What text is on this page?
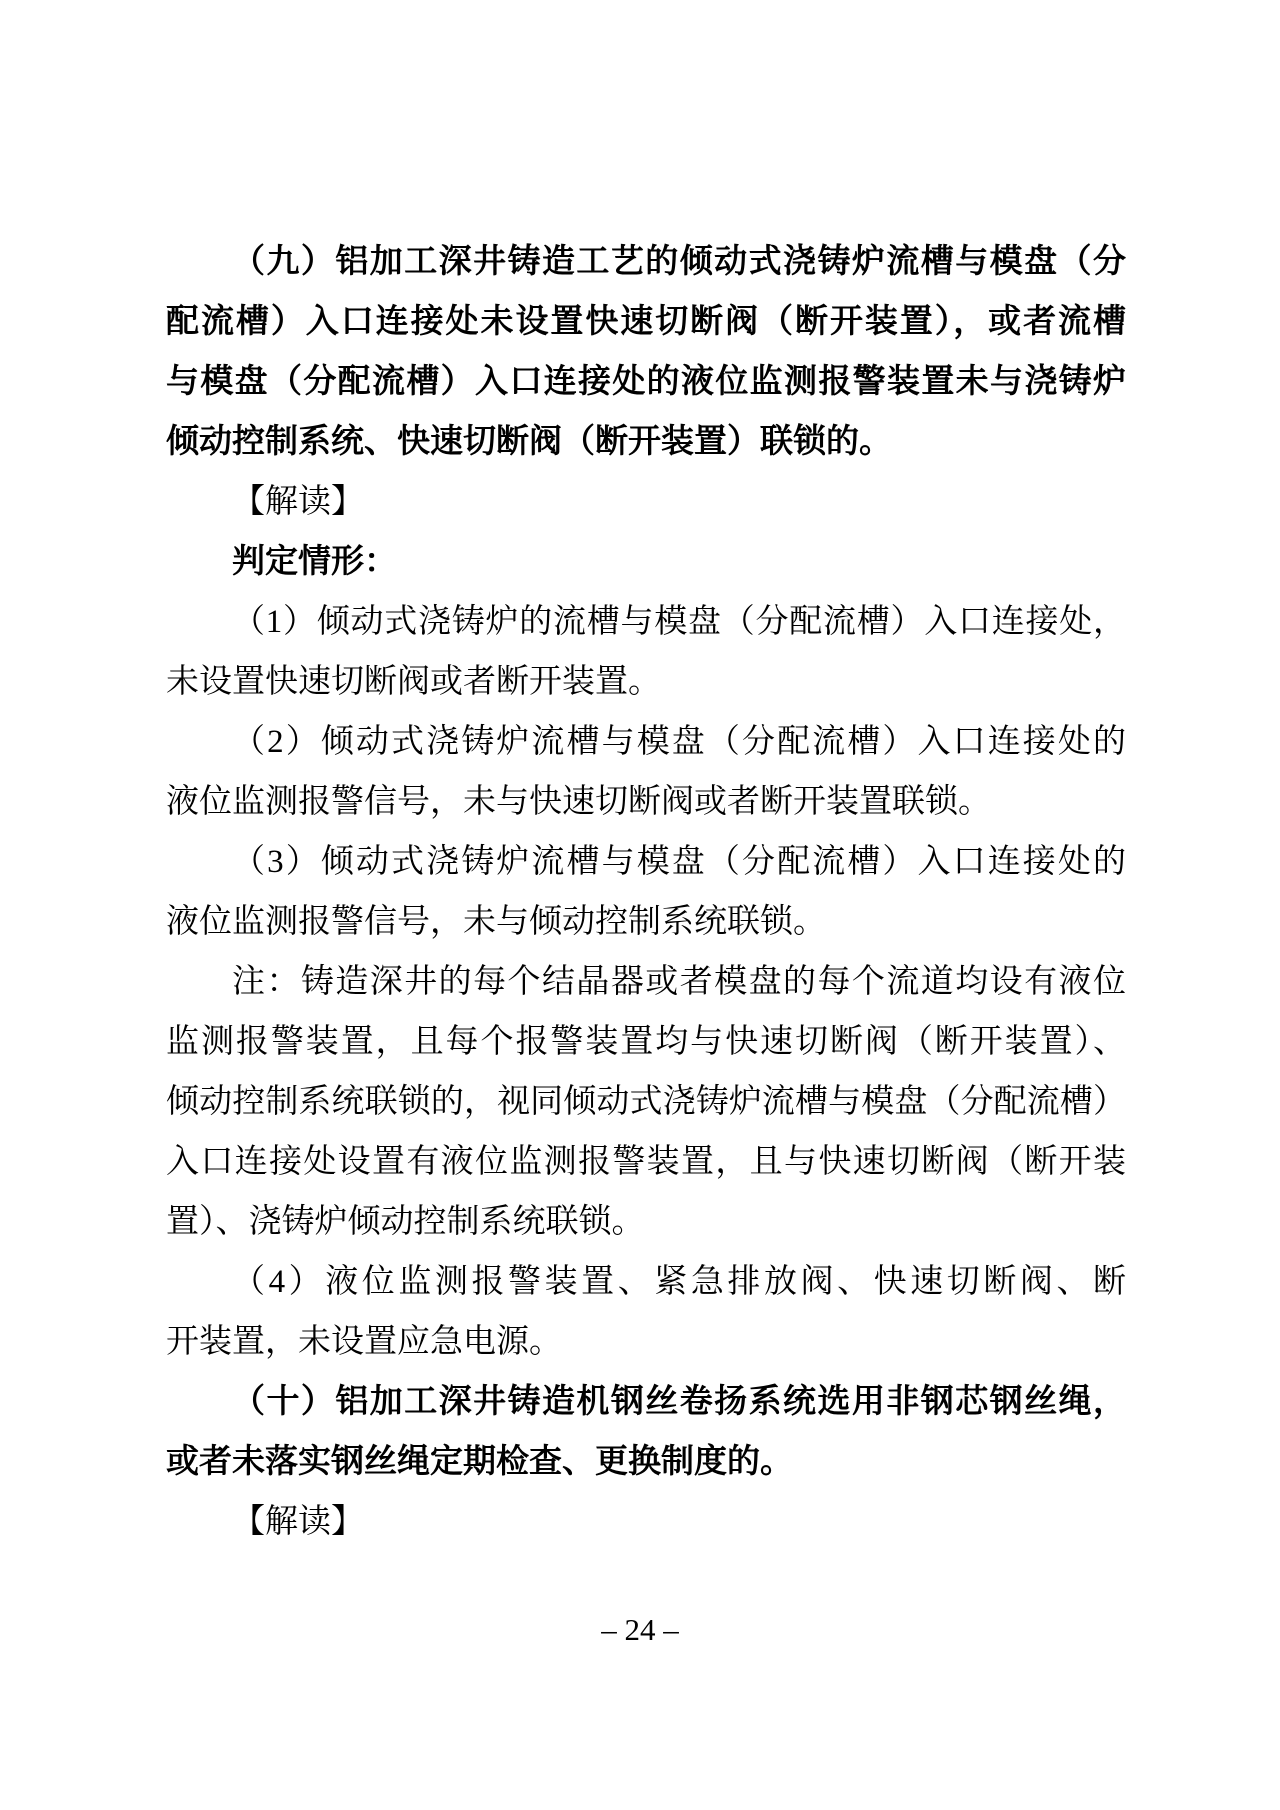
（九）铝加工深井铸造工艺的倾动式浇铸炉流槽与模盘（分
配流槽）入口连接处未设置快速切断阀（断开装置），或者流槽
与模盘（分配流槽）入口连接处的液位监测报警装置未与浇铸炉
倾动控制系统、快速切断阀（断开装置）联锁的。
【解读】
判定情形：
（1）倾动式浇铸炉的流槽与模盘（分配流槽）入口连接处，
未设置快速切断阀或者断开装置。
（2）倾动式浇铸炉流槽与模盘（分配流槽）入口连接处的
液位监测报警信号，未与快速切断阀或者断开装置联锁。
（3）倾动式浇铸炉流槽与模盘（分配流槽）入口连接处的
液位监测报警信号，未与倾动控制系统联锁。
注：铸造深井的每个结晶器或者模盘的每个流道均设有液位
监测报警装置，且每个报警装置均与快速切断阀（断开装置）、
倾动控制系统联锁的，视同倾动式浇铸炉流槽与模盘（分配流槽）
入口连接处设置有液位监测报警装置，且与快速切断阀（断开装
置）、浇铸炉倾动控制系统联锁。
（4）液位监测报警装置、紧急排放阀、快速切断阀、断
开装置，未设置应急电源。
（十）铝加工深井铸造机钢丝卷扬系统选用非钢芯钢丝绳，
或者未落实钢丝绳定期检查、更换制度的。
【解读】
– 24 –
